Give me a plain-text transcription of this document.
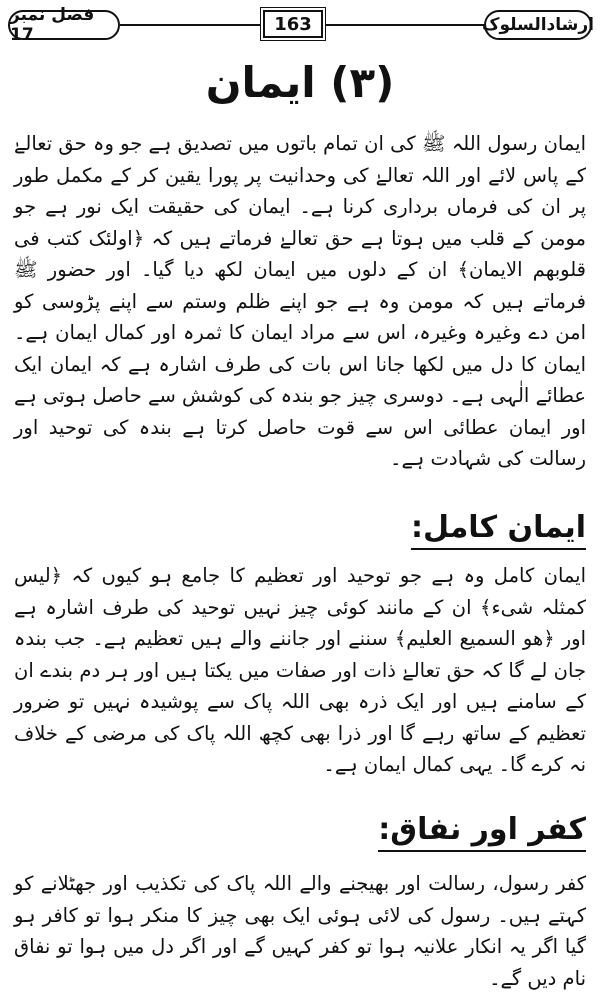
فصل نمبر 17
163	ارشادالسلوک
(۳) ایمان

ایمان رسول اللہ ﷺ کی ان تمام باتوں میں تصدیق ہے جو وہ حق تعالےٰ کے پاس لائے اور اللہ تعالےٰ کی وحدانیت پر پورا یقین کر کے مکمل طور پر ان کی فرماں برداری کرنا ہے۔ ایمان کی حقیقت ایک نور ہے جو مومن کے قلب میں ہوتا ہے حق تعالےٰ فرماتے ہیں کہ ﴿اولئک کتب فی قلوبھم الایمان﴾ ان کے دلوں میں ایمان لکھ دیا گیا۔ اور حضور ﷺ فرماتے ہیں کہ مومن وہ ہے جو اپنے ظلم وستم سے اپنے پڑوسی کو امن دے وغیرہ وغیرہ، اس سے مراد ایمان کا ثمرہ اور کمال ایمان ہے۔ ایمان کا دل میں لکھا جانا اس بات کی طرف اشارہ ہے کہ ایمان ایک عطائے الٰہی ہے۔ دوسری چیز جو بندہ کی کوشش سے حاصل ہوتی ہے اور ایمان عطائی اس سے قوت حاصل کرتا ہے بندہ کی توحید اور رسالت کی شہادت ہے۔

ایمان کامل:

ایمان کامل وہ ہے جو توحید اور تعظیم کا جامع ہو کیوں کہ ﴿لیس کمثلہ شیء﴾ ان کے مانند کوئی چیز نہیں توحید کی طرف اشارہ ہے اور ﴿ھو السمیع العلیم﴾ سننے اور جاننے والے ہیں تعظیم ہے۔ جب بندہ جان لے گا کہ حق تعالےٰ ذات اور صفات میں یکتا ہیں اور ہر دم بندے ان کے سامنے ہیں اور ایک ذرہ بھی اللہ پاک سے پوشیدہ نہیں تو ضرور تعظیم کے ساتھ رہے گا اور ذرا بھی کچھ اللہ پاک کی مرضی کے خلاف نہ کرے گا۔ یہی کمال ایمان ہے۔

کفر اور نفاق:

کفر رسول، رسالت اور بھیجنے والے اللہ پاک کی تکذیب اور جھٹلانے کو کہتے ہیں۔ رسول کی لائی ہوئی ایک بھی چیز کا منکر ہوا تو کافر ہو گیا اگر یہ انکار علانیہ ہوا تو کفر کہیں گے اور اگر دل میں ہوا تو نفاق نام دیں گے۔
